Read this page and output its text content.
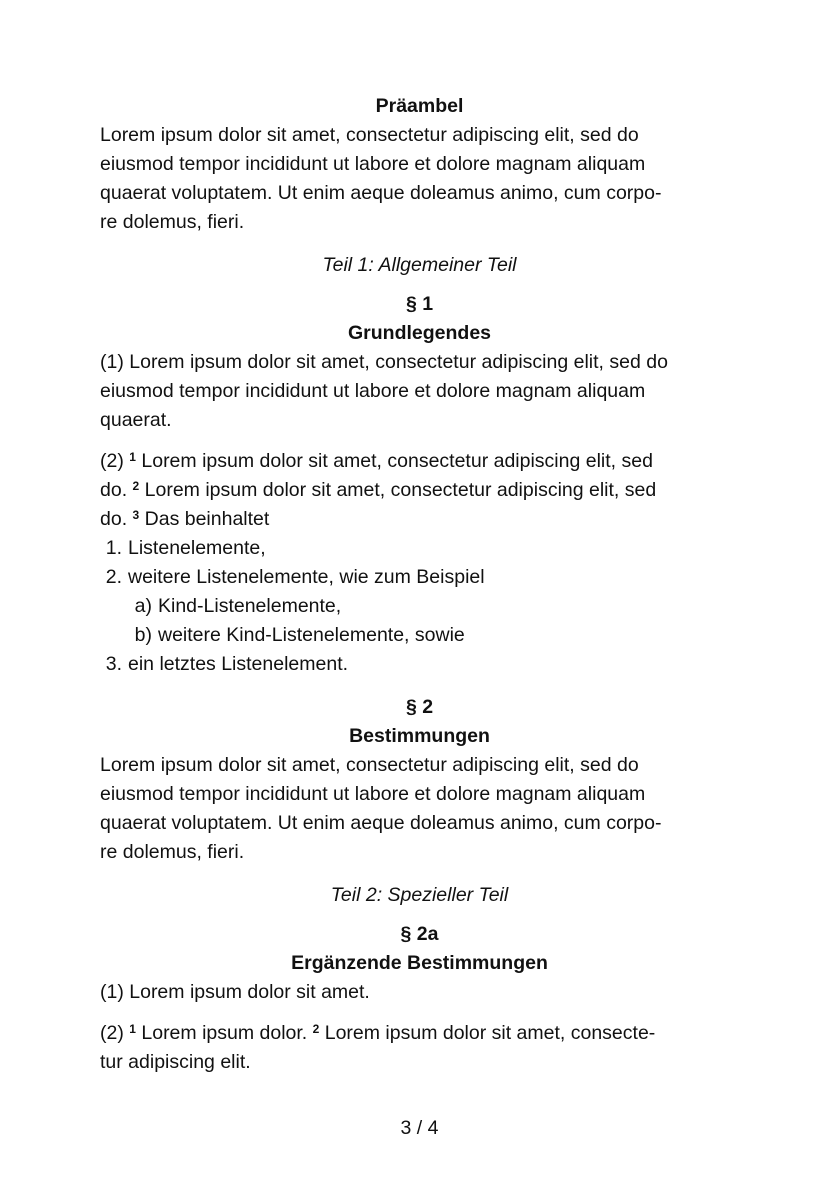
Präambel

Lorem ipsum dolor sit amet, consectetur adipiscing elit, sed do
eiusmod tempor incididunt ut labore et dolore magnam aliquam
quaerat voluptatem. Ut enim aeque doleamus animo, cum corpo-
re dolemus, fieri.

Teil 1: Allgemeiner Teil
§ 1
Grundlegendes

(1) Lorem ipsum dolor sit amet, consectetur adipiscing elit, sed do
eiusmod tempor incididunt ut labore et dolore magnam aliquam
quaerat.

(2) $^1$ Lorem ipsum dolor sit amet, consectetur adipiscing elit, sed
do. $^2$ Lorem ipsum dolor sit amet, consectetur adipiscing elit, sed
do. $^3$ Das beinhaltet

1. Listenelemente,
2. weitere Listenelemente, wie zum Beispiel
a) Kind-Listenelemente,
b) weitere Kind-Listenelemente, sowie
3. ein letztes Listenelement.
§ 2
Bestimmungen

Lorem ipsum dolor sit amet, consectetur adipiscing elit, sed do
eiusmod tempor incididunt ut labore et dolore magnam aliquam
quaerat voluptatem. Ut enim aeque doleamus animo, cum corpo-
re dolemus, fieri.

Teil 2: Spezieller Teil
§ 2a
Ergänzende Bestimmungen

(1) Lorem ipsum dolor sit amet.

(2) $^1$ Lorem ipsum dolor. $^2$ Lorem ipsum dolor sit amet, consecte-
tur adipiscing elit.

3 / 4
